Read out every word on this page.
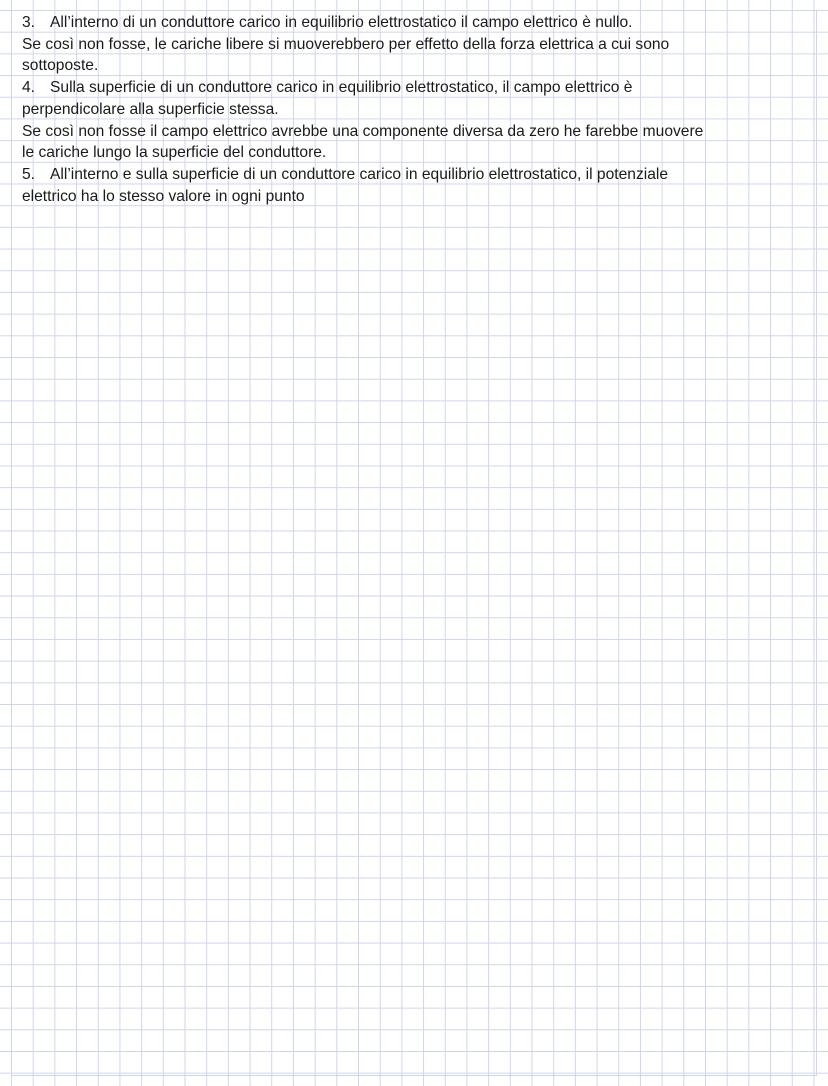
3. All’interno di un conduttore carico in equilibrio elettrostatico il campo elettrico è nullo.
Se così non fosse, le cariche libere si muoverebbero per effetto della forza elettrica a cui sono
sottoposte.
4. Sulla superficie di un conduttore carico in equilibrio elettrostatico, il campo elettrico è
perpendicolare alla superficie stessa.
Se così non fosse il campo elettrico avrebbe una componente diversa da zero he farebbe muovere
le cariche lungo la superficie del conduttore.
5. All’interno e sulla superficie di un conduttore carico in equilibrio elettrostatico, il potenziale
elettrico ha lo stesso valore in ogni punto
